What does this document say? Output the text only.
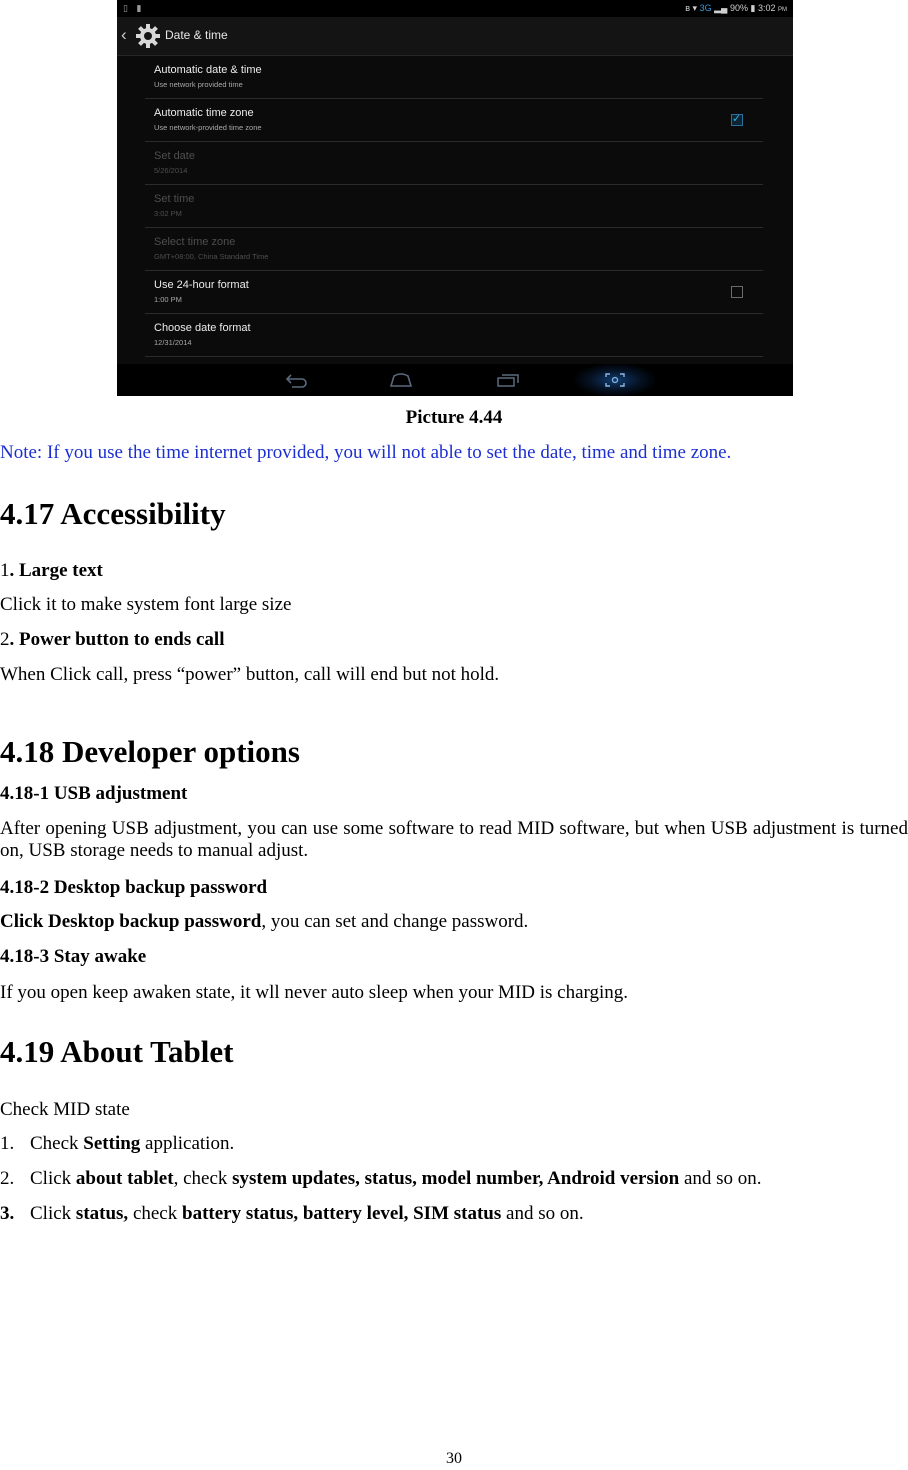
▯ ▮	ʙ ▾ 3G ▂▄ 90% ▮ 3:02 PM
‹	Date & time
Automatic date & time
Use network provided time
Automatic time zone
Use network-provided time zone
✓
Set date
5/26/2014
Set time
3:02 PM
Select time zone
GMT+08:00, China Standard Time
Use 24-hour format
1:00 PM
Choose date format
12/31/2014
Picture 4.44
Note: If you use the time internet provided, you will not able to set the date, time and time zone.
4.17 Accessibility
1. Large text
Click it to make system font large size
2. Power button to ends call
When Click call, press “power” button, call will end but not hold.
4.18 Developer options
4.18-1 USB adjustment
After opening USB adjustment, you can use some software to read MID software, but when USB adjustment is turned on, USB storage needs to manual adjust.
4.18-2 Desktop backup password
Click Desktop backup password, you can set and change password.
4.18-3 Stay awake
If you open keep awaken state, it wll never auto sleep when your MID is charging.
4.19 About Tablet
Check MID state
1. Check Setting application.
2. Click about tablet, check system updates, status, model number, Android version and so on.
3. Click status, check battery status, battery level, SIM status and so on.
30
